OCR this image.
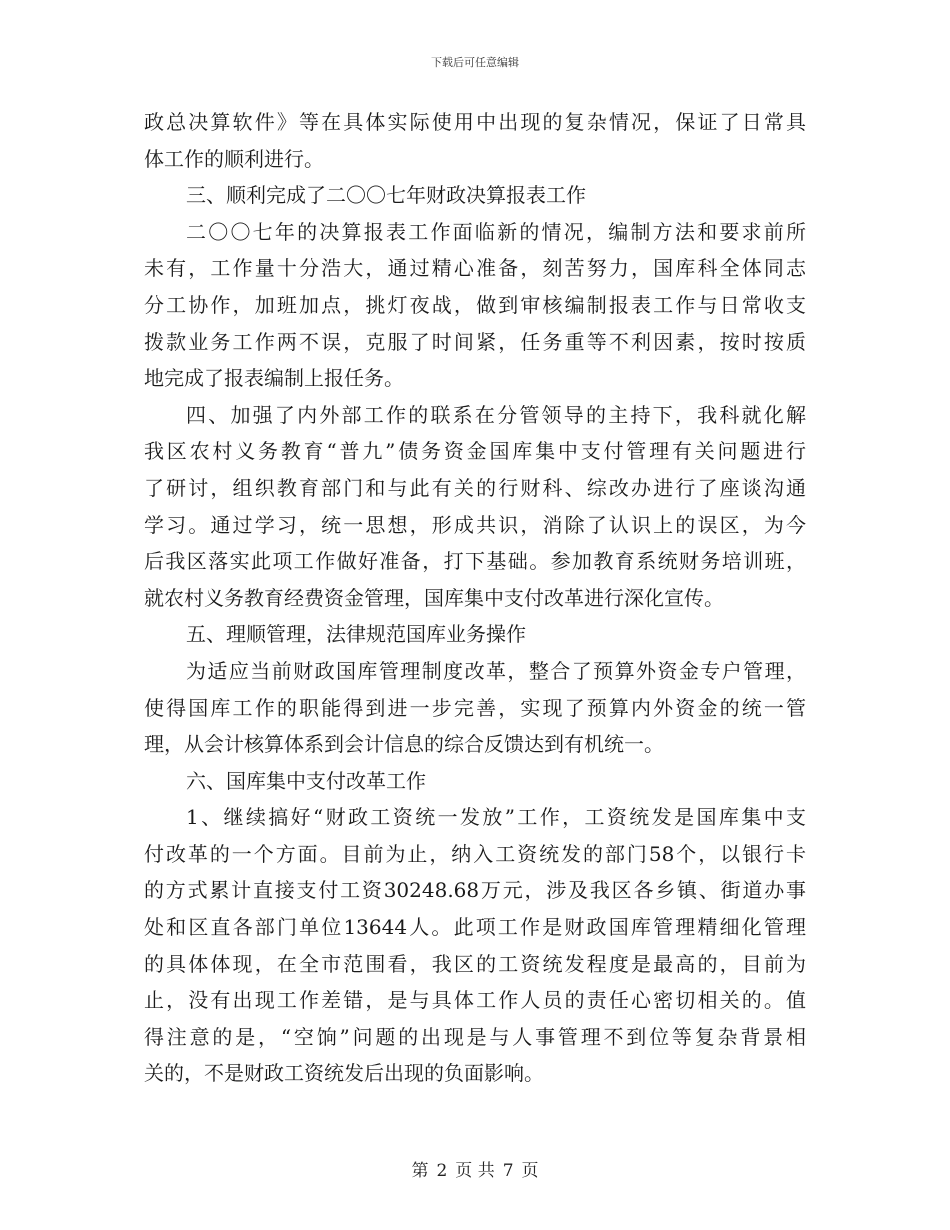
下载后可任意编辑
政总决算软件》等在具体实际使用中出现的复杂情况，保证了日常具
体工作的顺利进行。
三、顺利完成了二〇〇七年财政决算报表工作
二〇〇七年的决算报表工作面临新的情况，编制方法和要求前所
未有，工作量十分浩大，通过精心准备，刻苦努力，国库科全体同志
分工协作，加班加点，挑灯夜战，做到审核编制报表工作与日常收支
拨款业务工作两不误，克服了时间紧，任务重等不利因素，按时按质
地完成了报表编制上报任务。
四、加强了内外部工作的联系在分管领导的主持下，我科就化解
我区农村义务教育“普九”债务资金国库集中支付管理有关问题进行
了研讨，组织教育部门和与此有关的行财科、综改办进行了座谈沟通
学习。通过学习，统一思想，形成共识，消除了认识上的误区，为今
后我区落实此项工作做好准备，打下基础。参加教育系统财务培训班，
就农村义务教育经费资金管理，国库集中支付改革进行深化宣传。
五、理顺管理，法律规范国库业务操作
为适应当前财政国库管理制度改革，整合了预算外资金专户管理，
使得国库工作的职能得到进一步完善，实现了预算内外资金的统一管
理，从会计核算体系到会计信息的综合反馈达到有机统一。
六、国库集中支付改革工作
1、继续搞好“财政工资统一发放”工作，工资统发是国库集中支
付改革的一个方面。目前为止，纳入工资统发的部门58个，以银行卡
的方式累计直接支付工资30248.68万元，涉及我区各乡镇、街道办事
处和区直各部门单位13644人。此项工作是财政国库管理精细化管理
的具体体现，在全市范围看，我区的工资统发程度是最高的，目前为
止，没有出现工作差错，是与具体工作人员的责任心密切相关的。值
得注意的是，“空饷”问题的出现是与人事管理不到位等复杂背景相
关的，不是财政工资统发后出现的负面影响。
第 2 页 共 7 页
